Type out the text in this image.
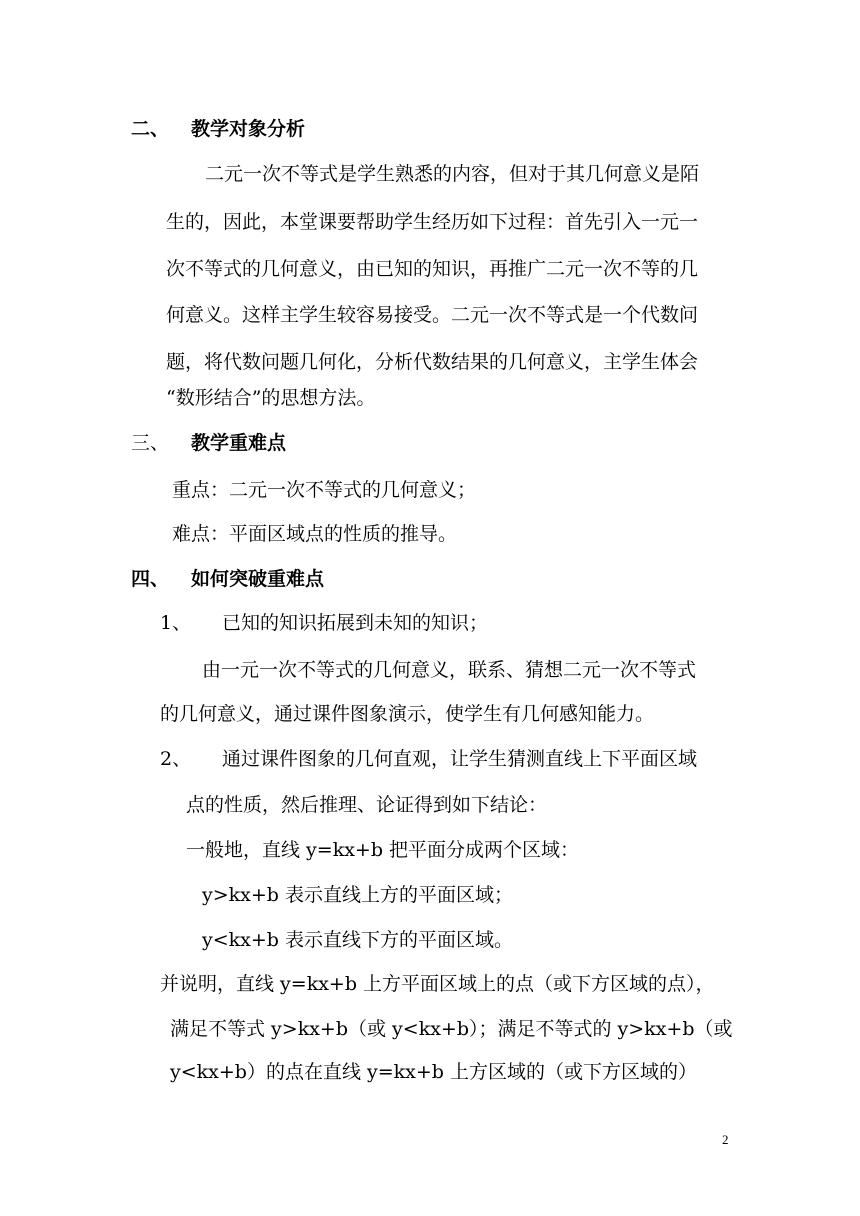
二、 教学对象分析
二元一次不等式是学生熟悉的内容，但对于其几何意义是陌
生的，因此，本堂课要帮助学生经历如下过程：首先引入一元一
次不等式的几何意义，由已知的知识，再推广二元一次不等的几
何意义。这样主学生较容易接受。二元一次不等式是一个代数问
题，将代数问题几何化，分析代数结果的几何意义，主学生体会
“数形结合”的思想方法。
三、 教学重难点
重点：二元一次不等式的几何意义；
难点：平面区域点的性质的推导。
四、 如何突破重难点
1、 已知的知识拓展到未知的知识；
由一元一次不等式的几何意义，联系、猜想二元一次不等式
的几何意义，通过课件图象演示，使学生有几何感知能力。
2、 通过课件图象的几何直观，让学生猜测直线上下平面区域
点的性质，然后推理、论证得到如下结论：
一般地，直线 y=kx+b 把平面分成两个区域：
y>kx+b 表示直线上方的平面区域；
y<kx+b 表示直线下方的平面区域。
并说明，直线 y=kx+b 上方平面区域上的点（或下方区域的点），
满足不等式 y>kx+b（或 y<kx+b）；满足不等式的 y>kx+b（或
y<kx+b）的点在直线 y=kx+b 上方区域的（或下方区域的）
2
